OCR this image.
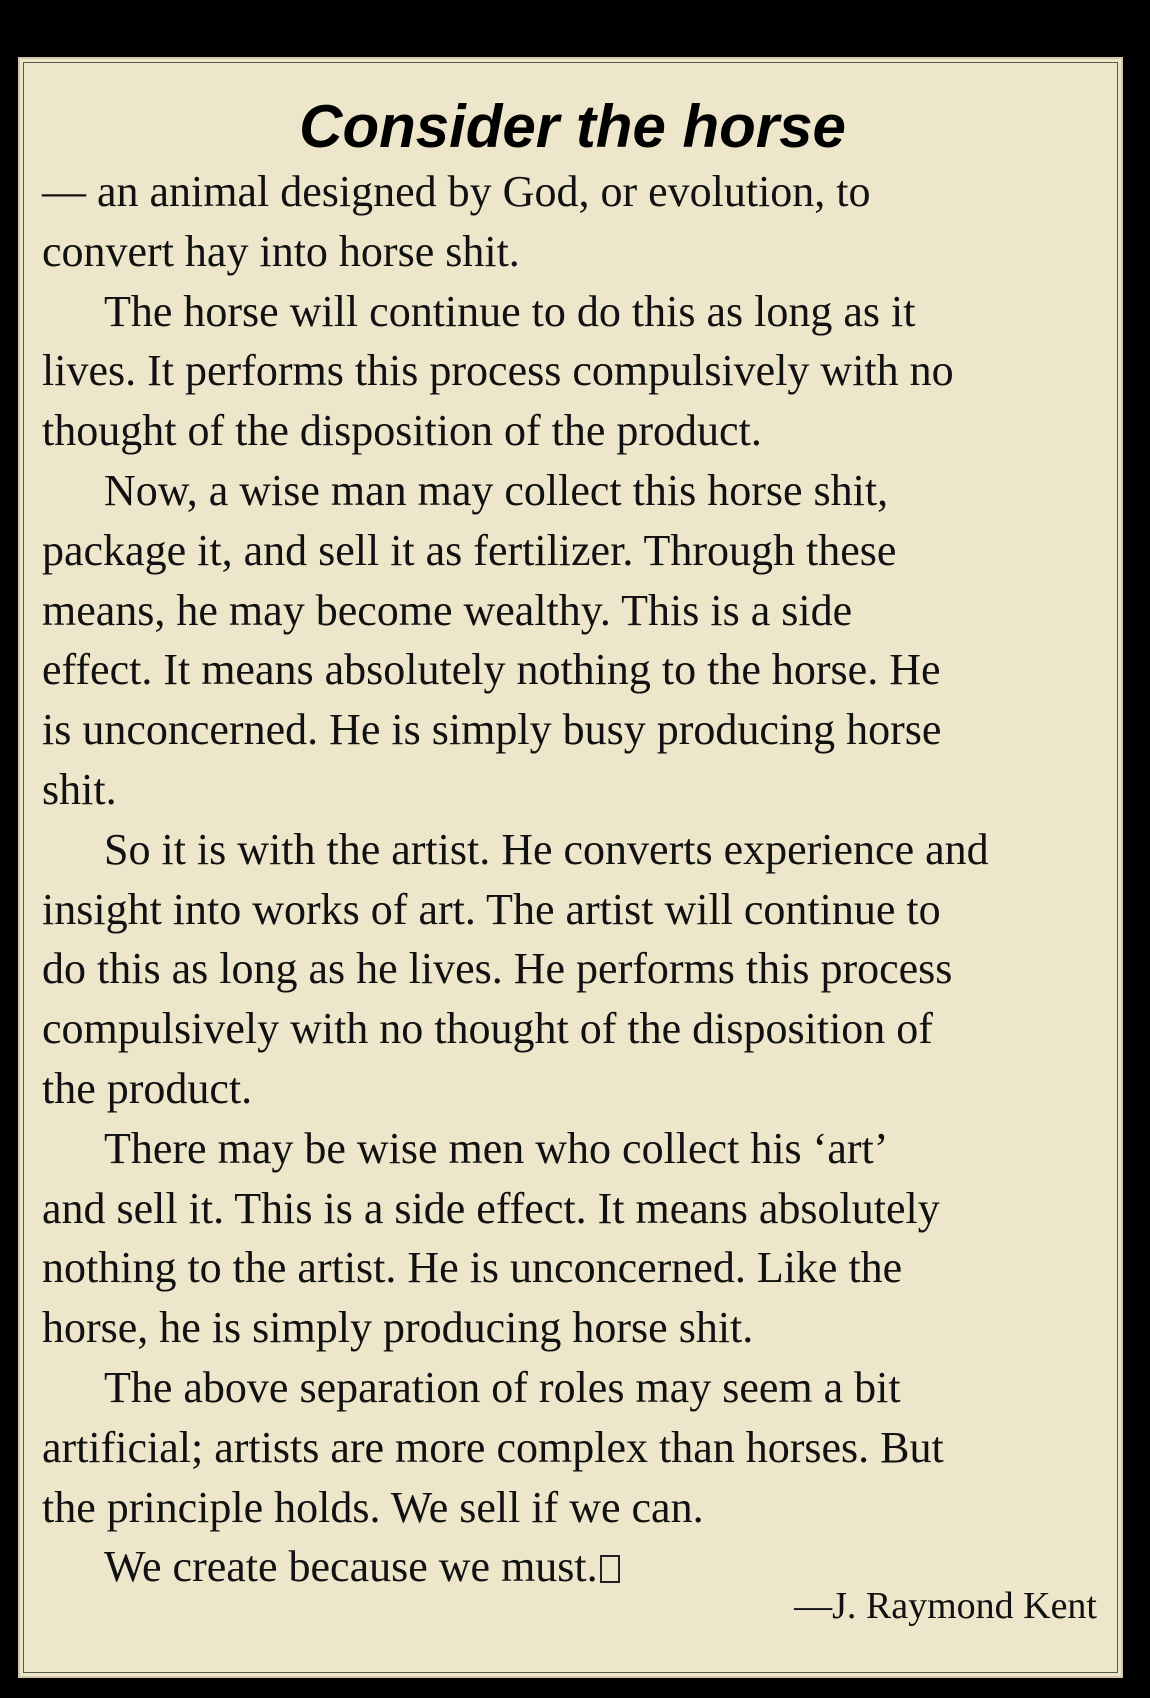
Consider the horse

— an animal designed by God, or evolution, to

convert hay into horse shit.

The horse will continue to do this as long as it

lives. It performs this process compulsively with no

thought of the disposition of the product.

Now, a wise man may collect this horse shit,

package it, and sell it as fertilizer. Through these

means, he may become wealthy. This is a side

effect. It means absolutely nothing to the horse. He

is unconcerned. He is simply busy producing horse

shit.

So it is with the artist. He converts experience and

insight into works of art. The artist will continue to

do this as long as he lives. He performs this process

compulsively with no thought of the disposition of

the product.

There may be wise men who collect his ‘art’

and sell it. This is a side effect. It means absolutely

nothing to the artist. He is unconcerned. Like the

horse, he is simply producing horse shit.

The above separation of roles may seem a bit

artificial; artists are more complex than horses. But

the principle holds. We sell if we can.

We create because we must.

—J. Raymond Kent
